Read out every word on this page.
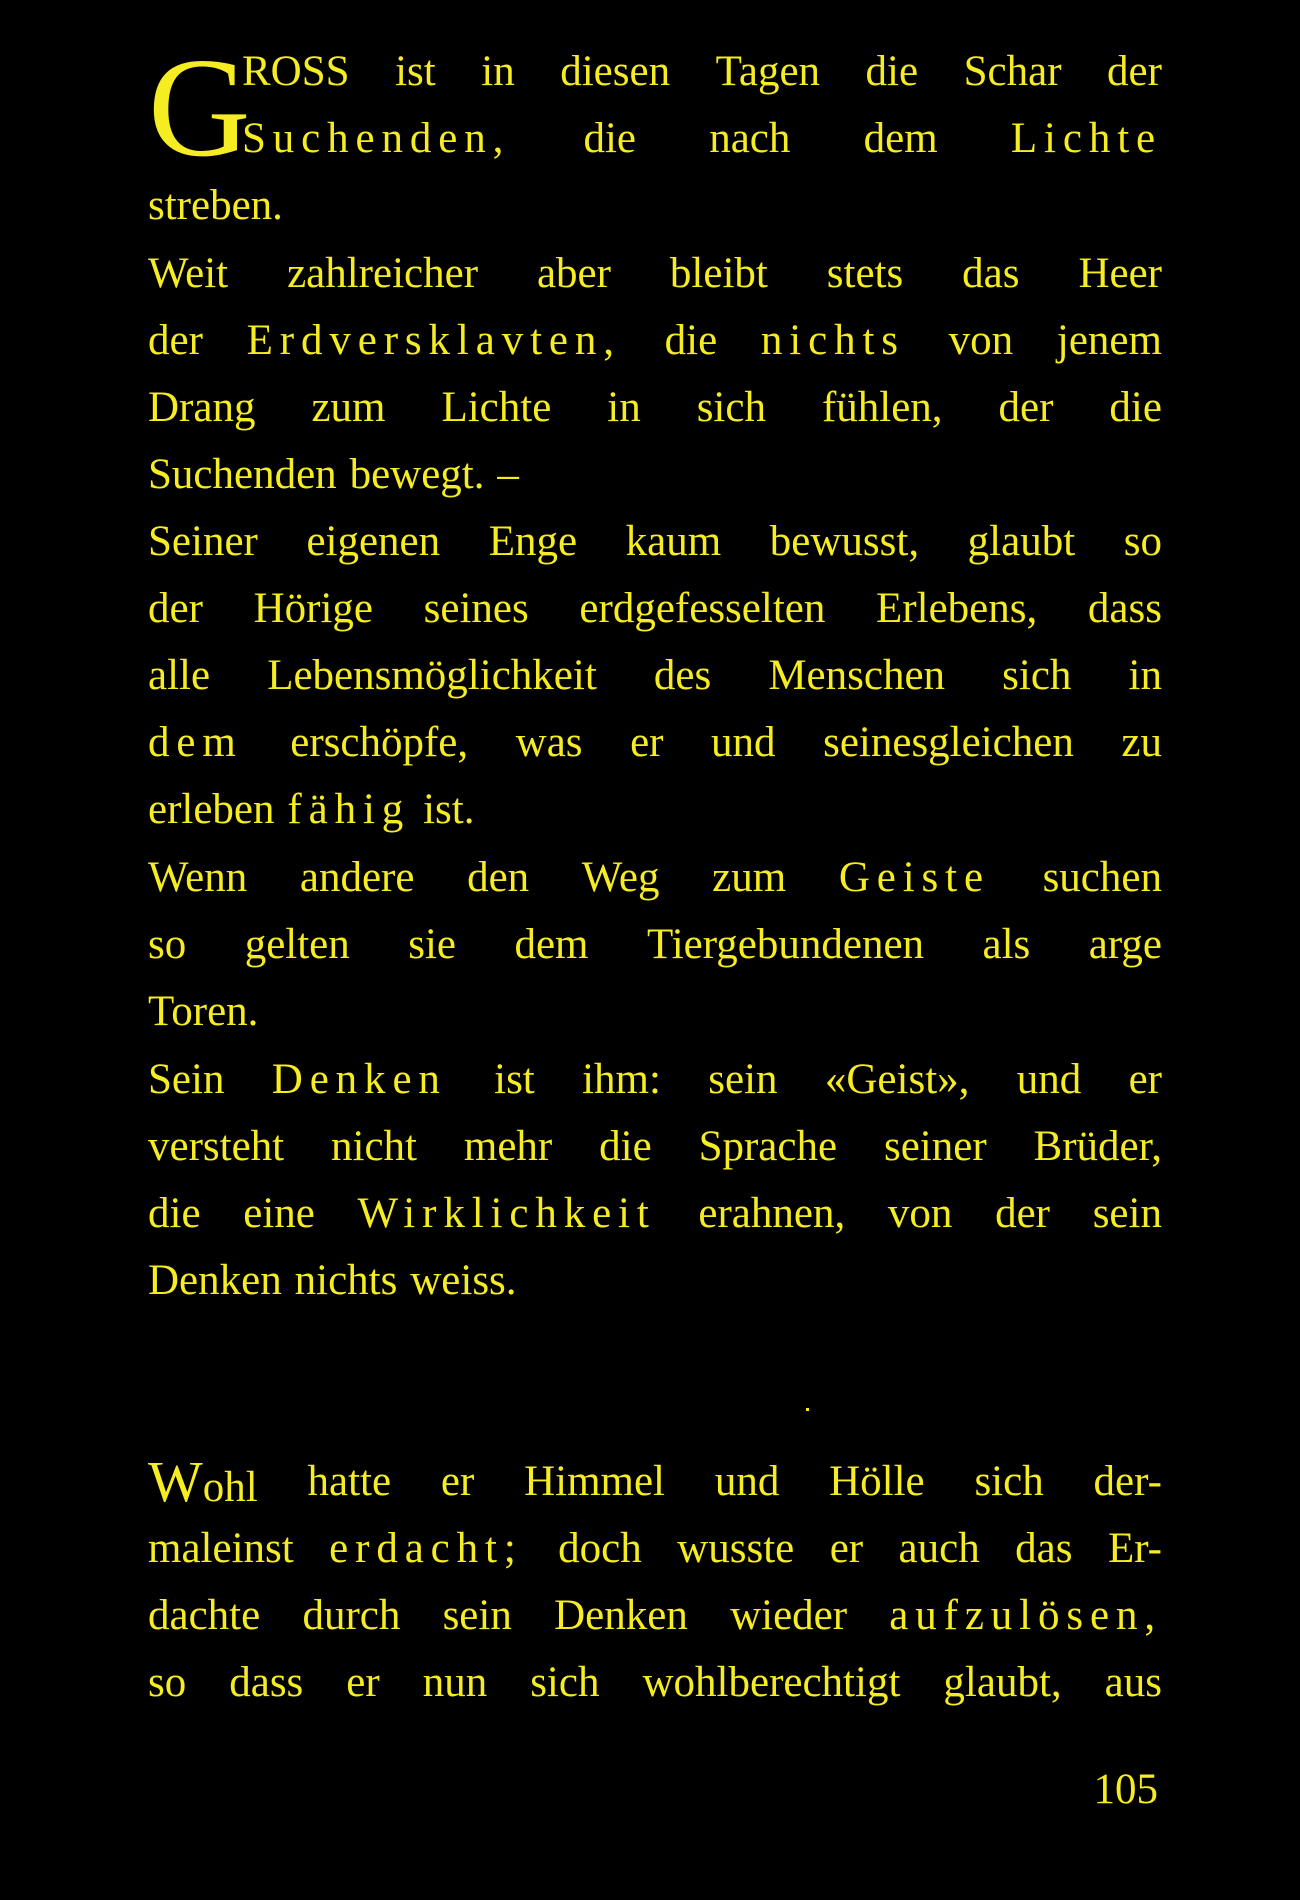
G
ROSS ist in diesen Tagen die Schar der
Suchenden, die nach dem Lichte
streben.
Weit zahlreicher aber bleibt stets das Heer
der Erdversklavten, die nichts von jenem
Drang zum Lichte in sich fühlen, der die
Suchenden bewegt. –
Seiner eigenen Enge kaum bewusst, glaubt so
der Hörige seines erdgefesselten Erlebens, dass
alle Lebensmöglichkeit des Menschen sich in
dem erschöpfe, was er und seinesgleichen zu
erleben fähig ist.
Wenn andere den Weg zum Geiste suchen
so gelten sie dem Tiergebundenen als arge
Toren.
Sein Denken ist ihm: sein «Geist», und er
versteht nicht mehr die Sprache seiner Brüder,
die eine Wirklichkeit erahnen, von der sein
Denken nichts weiss.
Wohl hatte er Himmel und Hölle sich der-
maleinst erdacht; doch wusste er auch das Er-
dachte durch sein Denken wieder aufzulösen,
so dass er nun sich wohlberechtigt glaubt, aus
105
